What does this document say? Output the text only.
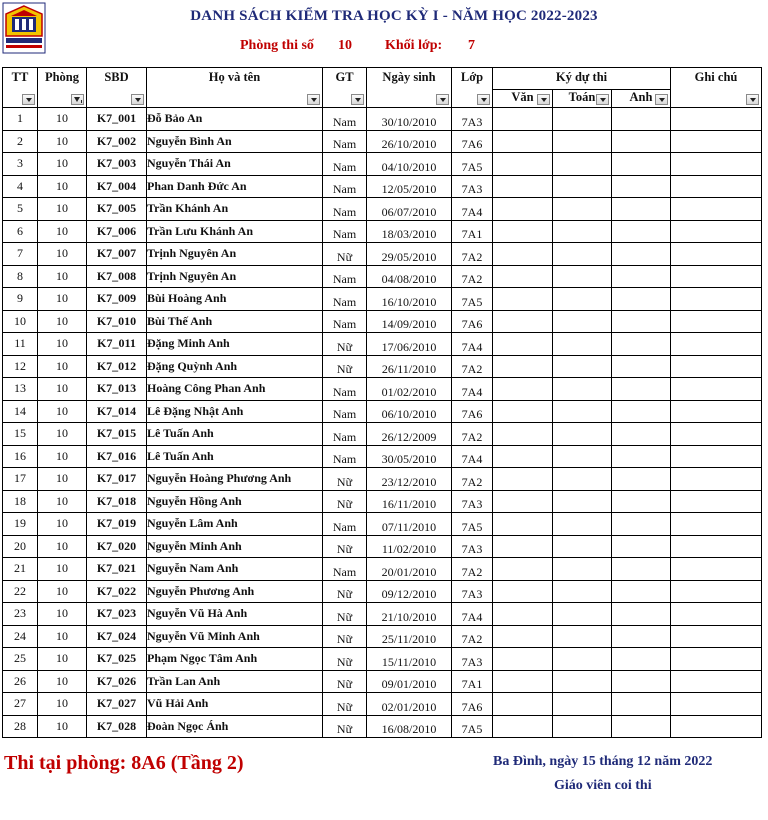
DANH SÁCH KIỂM TRA HỌC KỲ I - NĂM HỌC 2022-2023
Phòng thi số 10 Khối lớp: 7
TT	Phòng	SBD	Họ và tên	GT	Ngày sinh	Lớp	Ký dự thi			Ghi chú

							Văn	Toán	Anh	

1	10	K7_001	Đỗ Bảo An	Nam	30/10/2010	7A3				
2	10	K7_002	Nguyễn Bình An	Nam	26/10/2010	7A6				
3	10	K7_003	Nguyễn Thái An	Nam	04/10/2010	7A5				
4	10	K7_004	Phan Danh Đức An	Nam	12/05/2010	7A3				
5	10	K7_005	Trần Khánh An	Nam	06/07/2010	7A4				
6	10	K7_006	Trần Lưu Khánh An	Nam	18/03/2010	7A1				
7	10	K7_007	Trịnh Nguyên An	Nữ	29/05/2010	7A2				
8	10	K7_008	Trịnh Nguyên An	Nam	04/08/2010	7A2				
9	10	K7_009	Bùi Hoàng Anh	Nam	16/10/2010	7A5				
10	10	K7_010	Bùi Thế Anh	Nam	14/09/2010	7A6				
11	10	K7_011	Đặng Minh Anh	Nữ	17/06/2010	7A4				
12	10	K7_012	Đặng Quỳnh Anh	Nữ	26/11/2010	7A2				
13	10	K7_013	Hoàng Công Phan Anh	Nam	01/02/2010	7A4				
14	10	K7_014	Lê Đặng Nhật Anh	Nam	06/10/2010	7A6				
15	10	K7_015	Lê Tuấn Anh	Nam	26/12/2009	7A2				
16	10	K7_016	Lê Tuấn Anh	Nam	30/05/2010	7A4				
17	10	K7_017	Nguyễn Hoàng Phương Anh	Nữ	23/12/2010	7A2				
18	10	K7_018	Nguyễn Hồng Anh	Nữ	16/11/2010	7A3				
19	10	K7_019	Nguyễn Lâm Anh	Nam	07/11/2010	7A5				
20	10	K7_020	Nguyễn Minh Anh	Nữ	11/02/2010	7A3				
21	10	K7_021	Nguyễn Nam Anh	Nam	20/01/2010	7A2				
22	10	K7_022	Nguyễn Phương Anh	Nữ	09/12/2010	7A3				
23	10	K7_023	Nguyễn Vũ Hà Anh	Nữ	21/10/2010	7A4				
24	10	K7_024	Nguyễn Vũ Minh Anh	Nữ	25/11/2010	7A2				
25	10	K7_025	Phạm Ngọc Tâm Anh	Nữ	15/11/2010	7A3				
26	10	K7_026	Trần Lan Anh	Nữ	09/01/2010	7A1				
27	10	K7_027	Vũ Hải Anh	Nữ	02/01/2010	7A6				
28	10	K7_028	Đoàn Ngọc Ánh	Nữ	16/08/2010	7A5				
Thi tại phòng: 8A6 (Tầng 2)	Ba Đình, ngày 15 tháng 12 năm 2022
Giáo viên coi thi
